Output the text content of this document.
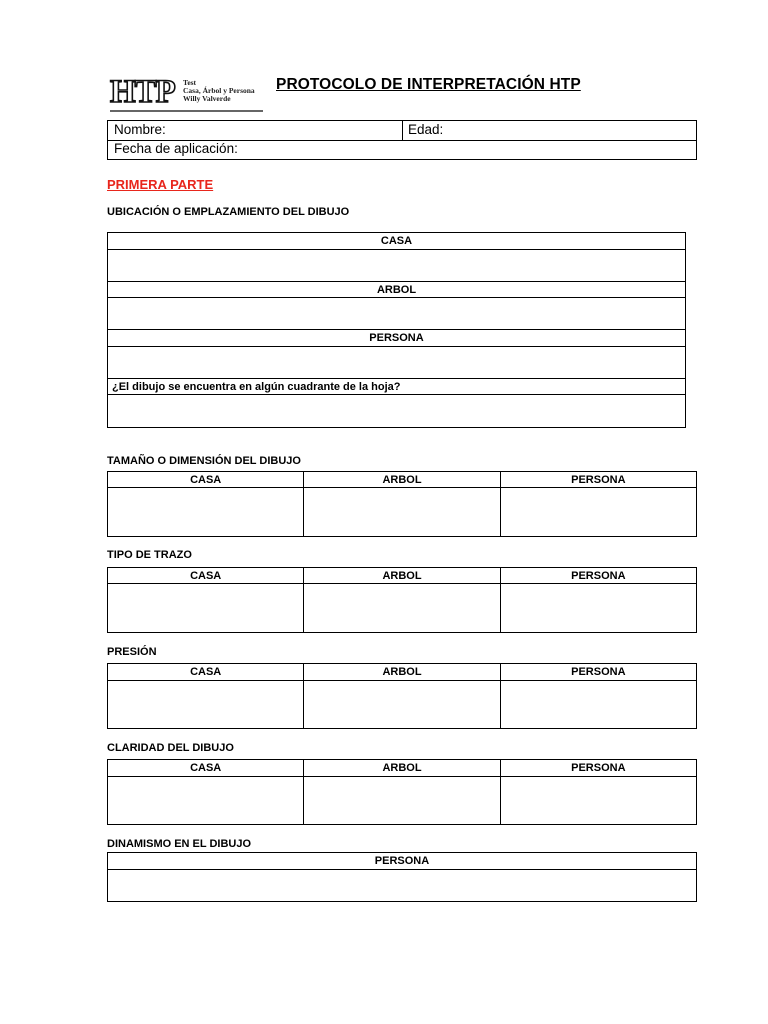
HTP Test
Casa, Árbol y Persona
Willy Valverde
PROTOCOLO DE INTERPRETACIÓN HTP
Nombre:	Edad:
Fecha de aplicación:
PRIMERA PARTE
UBICACIÓN O EMPLAZAMIENTO DEL DIBUJO
CASA

ARBOL

PERSONA

¿El dibujo se encuentra en algún cuadrante de la hoja?

TAMAÑO O DIMENSIÓN DEL DIBUJO
CASA	ARBOL	PERSONA

TIPO DE TRAZO
CASA	ARBOL	PERSONA

PRESIÓN
CASA	ARBOL	PERSONA

CLARIDAD DEL DIBUJO
CASA	ARBOL	PERSONA

DINAMISMO EN EL DIBUJO
PERSONA
